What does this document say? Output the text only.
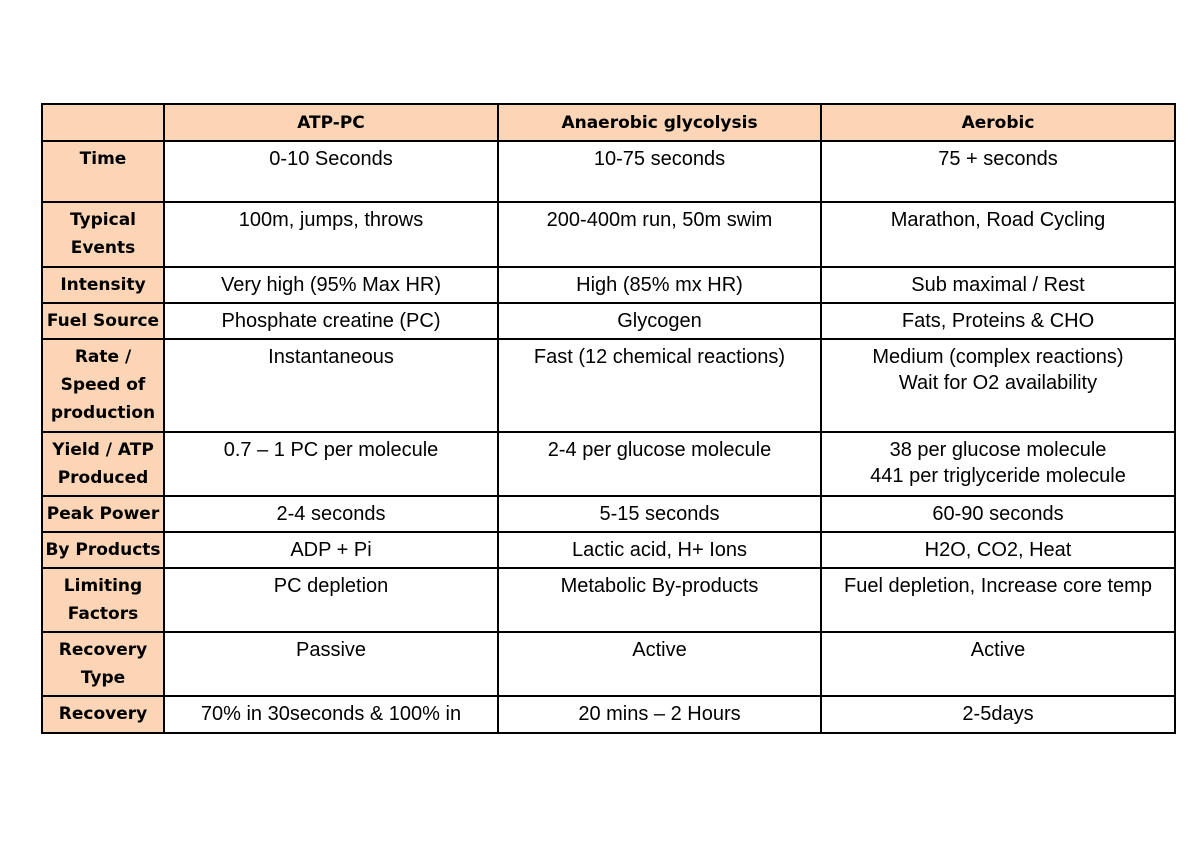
	ATP-PC	Anaerobic glycolysis	Aerobic
Time	0-10 Seconds	10-75 seconds	75 + seconds

Typical Events	100m, jumps, throws	200-400m run, 50m swim	Marathon, Road Cycling

Intensity	Very high (95% Max HR)	High (85% mx HR)	Sub maximal / Rest

Fuel Source	Phosphate creatine (PC)	Glycogen	Fats, Proteins & CHO

Rate / Speed of production	Instantaneous	Fast (12 chemical reactions)	Medium (complex reactions)
Wait for O2 availability

Yield / ATP Produced	0.7 – 1 PC per molecule	2-4 per glucose molecule	38 per glucose molecule
441 per triglyceride molecule

Peak Power	2-4 seconds	5-15 seconds	60-90 seconds

By Products	ADP + Pi	Lactic acid, H+ Ions	H2O, CO2, Heat

Limiting Factors	PC depletion	Metabolic By-products	Fuel depletion, Increase core temp

Recovery Type	Passive	Active	Active

Recovery	70% in 30seconds & 100% in	20 mins – 2 Hours	2-5days
